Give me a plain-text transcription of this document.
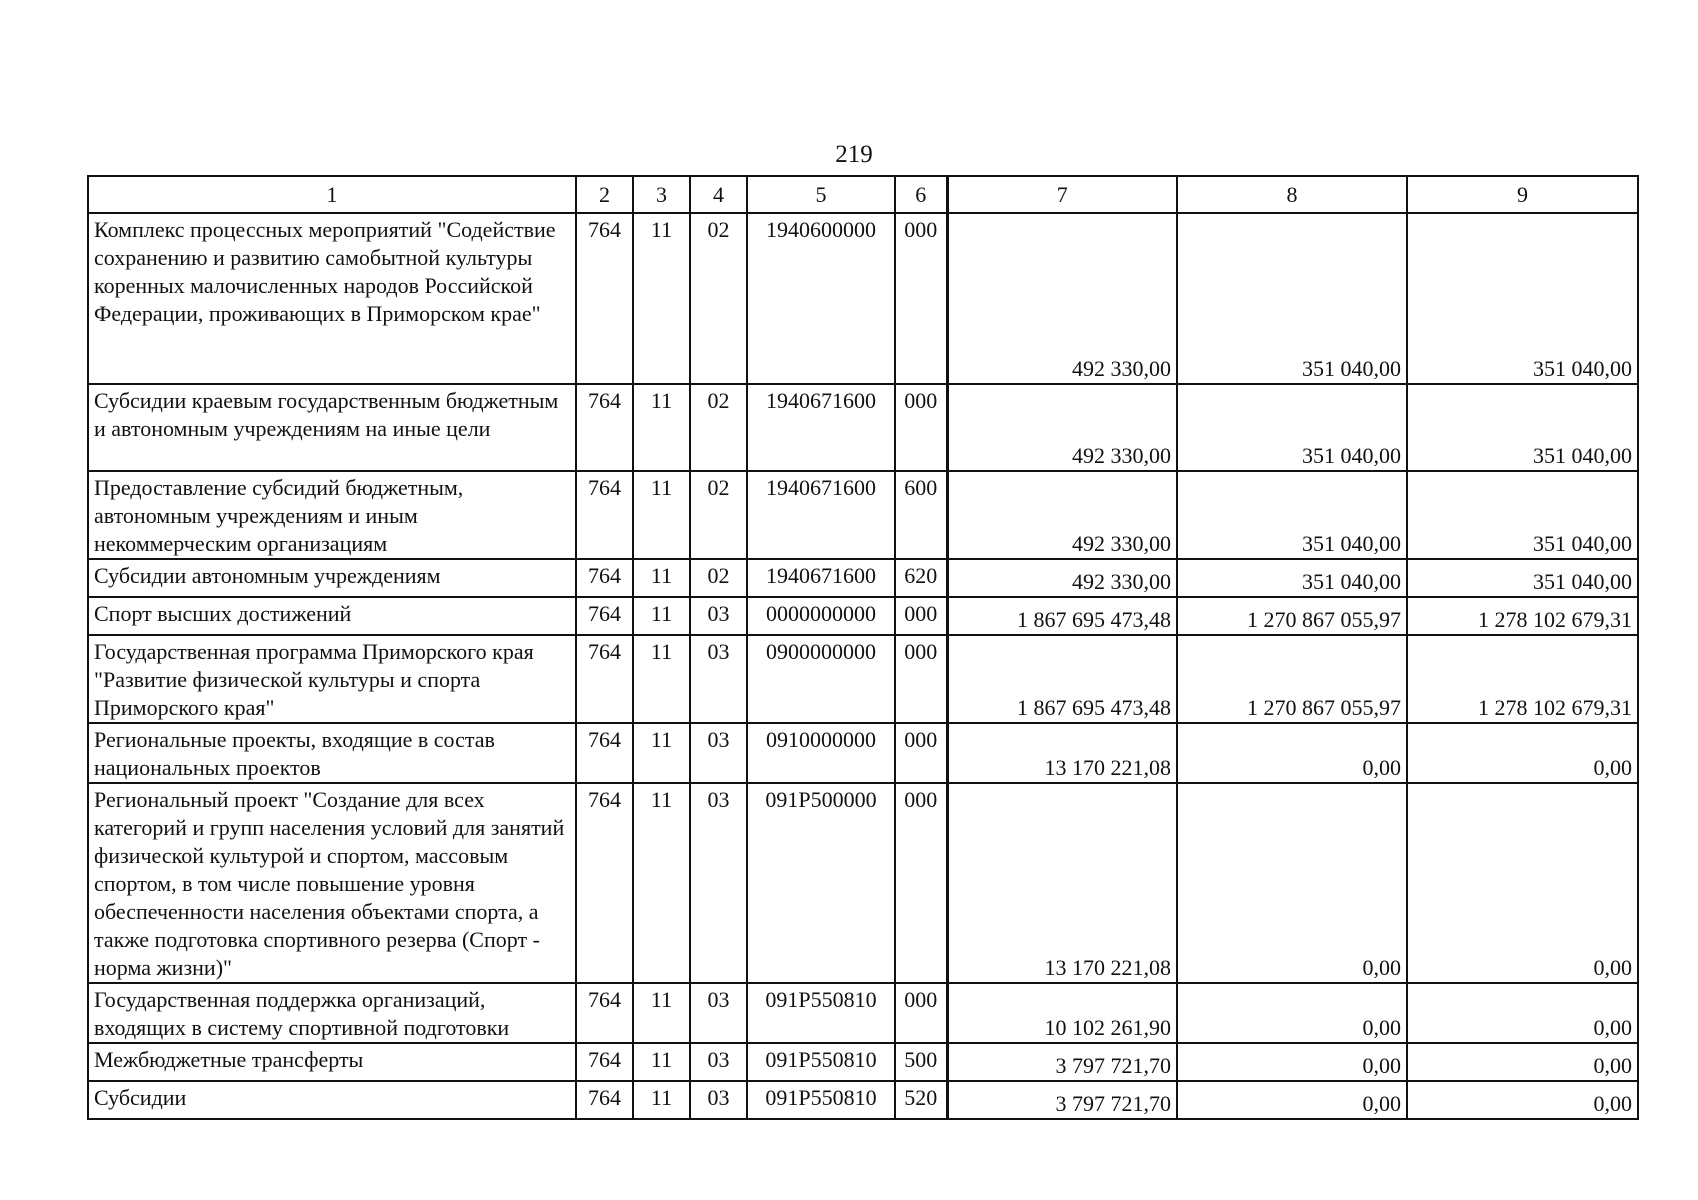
219
1	2	3	4	5	6	7	8	9
Комплекс процессных мероприятий "Содействие сохранению и развитию самобытной культуры коренных малочисленных народов Российской Федерации, проживающих в Приморском крае"	764	11	02	1940600000	000	492 330,00	351 040,00	351 040,00
Субсидии краевым государственным бюджетным и автономным учреждениям на иные цели	764	11	02	1940671600	000	492 330,00	351 040,00	351 040,00
Предоставление субсидий бюджетным, автономным учреждениям и иным некоммерческим организациям	764	11	02	1940671600	600	492 330,00	351 040,00	351 040,00
Субсидии автономным учреждениям	764	11	02	1940671600	620	492 330,00	351 040,00	351 040,00
Спорт высших достижений	764	11	03	0000000000	000	1 867 695 473,48	1 270 867 055,97	1 278 102 679,31
Государственная программа Приморского края "Развитие физической культуры и спорта Приморского края"	764	11	03	0900000000	000	1 867 695 473,48	1 270 867 055,97	1 278 102 679,31
Региональные проекты, входящие в состав национальных проектов	764	11	03	0910000000	000	13 170 221,08	0,00	0,00
Региональный проект "Создание для всех категорий и групп населения условий для занятий физической культурой и спортом, массовым спортом, в том числе повышение уровня обеспеченности населения объектами спорта, а также подготовка спортивного резерва (Спорт - норма жизни)"	764	11	03	091P500000	000	13 170 221,08	0,00	0,00
Государственная поддержка организаций, входящих в систему спортивной подготовки	764	11	03	091P550810	000	10 102 261,90	0,00	0,00
Межбюджетные трансферты	764	11	03	091P550810	500	3 797 721,70	0,00	0,00
Субсидии	764	11	03	091P550810	520	3 797 721,70	0,00	0,00
